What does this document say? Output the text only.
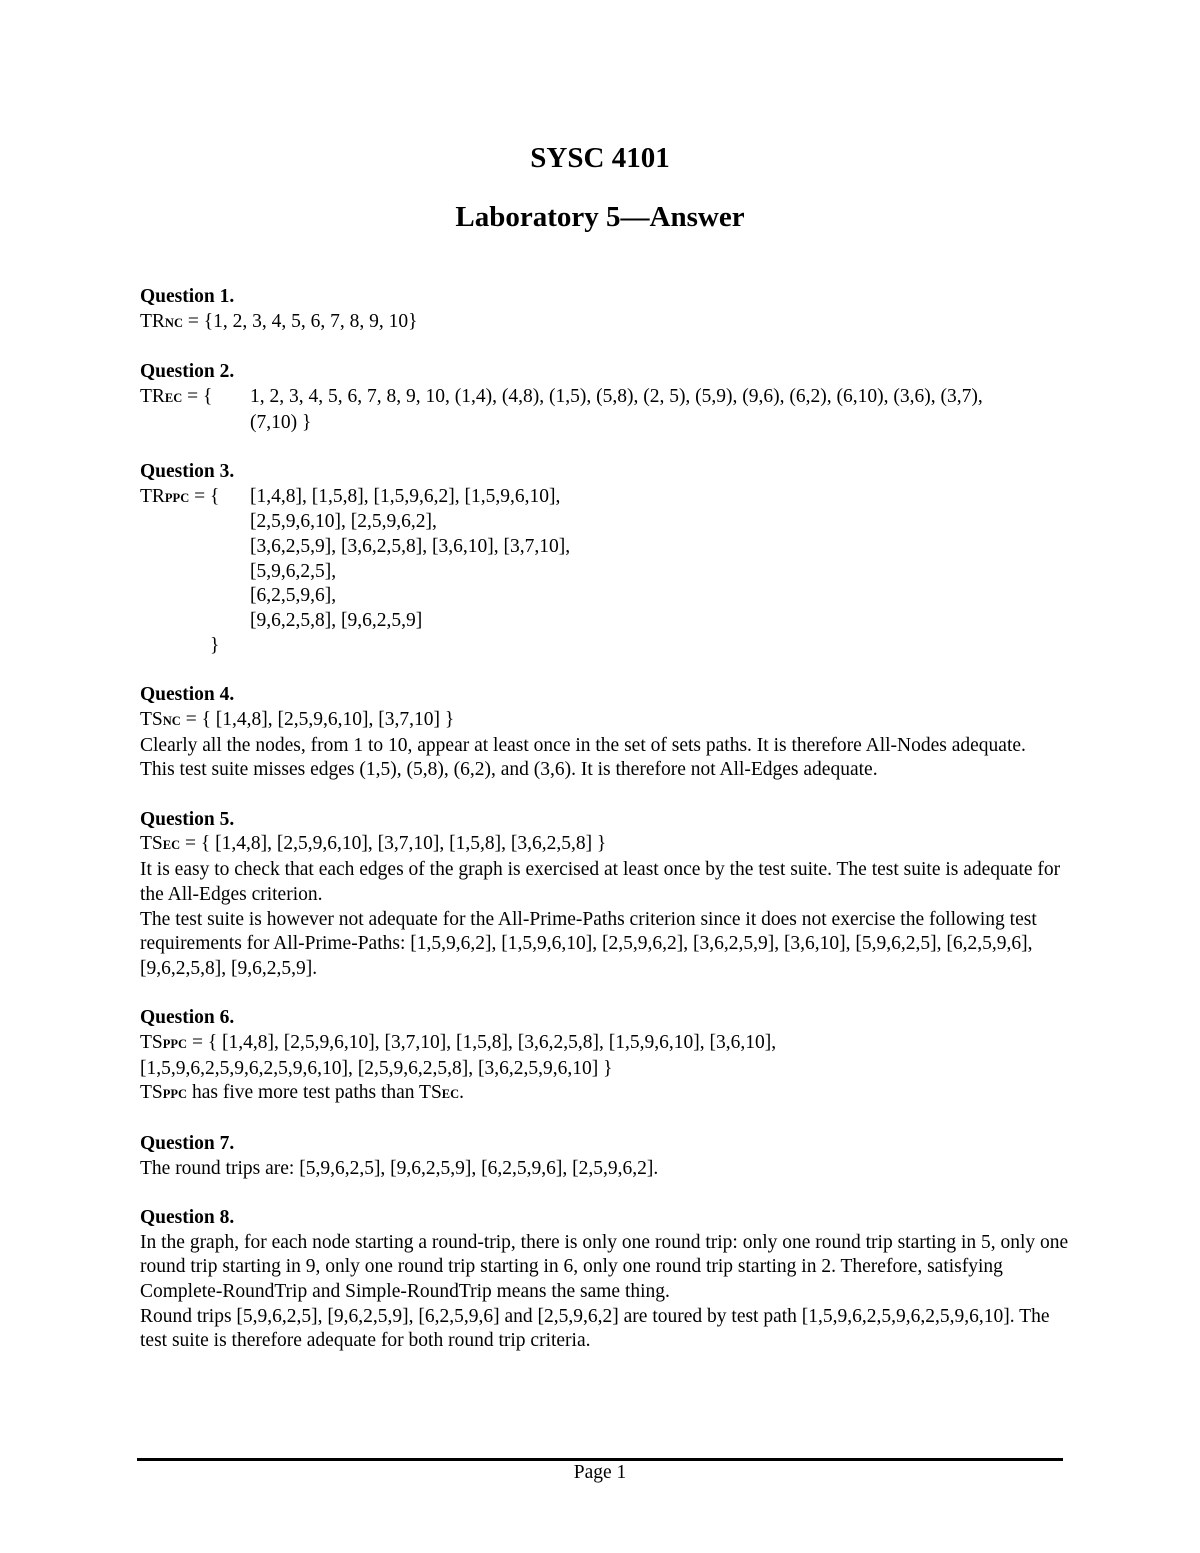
SYSC 4101
Laboratory 5—Answer
Question 1.
TRNC = {1, 2, 3, 4, 5, 6, 7, 8, 9, 10}
Question 2.
TREC = {	1, 2, 3, 4, 5, 6, 7, 8, 9, 10, (1,4), (4,8), (1,5), (5,8), (2, 5), (5,9), (9,6), (6,2), (6,10), (3,6), (3,7),
(7,10) }
Question 3.
TRPPC = {	[1,4,8], [1,5,8], [1,5,9,6,2], [1,5,9,6,10],
[2,5,9,6,10], [2,5,9,6,2],
[3,6,2,5,9], [3,6,2,5,8], [3,6,10], [3,7,10],
[5,9,6,2,5],
[6,2,5,9,6],
[9,6,2,5,8], [9,6,2,5,9]
}
Question 4.
TSNC = { [1,4,8], [2,5,9,6,10], [3,7,10] }
Clearly all the nodes, from 1 to 10, appear at least once in the set of sets paths. It is therefore All-Nodes adequate.
This test suite misses edges (1,5), (5,8), (6,2), and (3,6). It is therefore not All-Edges adequate.
Question 5.
TSEC = { [1,4,8], [2,5,9,6,10], [3,7,10], [1,5,8], [3,6,2,5,8] }
It is easy to check that each edges of the graph is exercised at least once by the test suite. The test suite is adequate for the All-Edges criterion.
The test suite is however not adequate for the All-Prime-Paths criterion since it does not exercise the following test requirements for All-Prime-Paths: [1,5,9,6,2], [1,5,9,6,10], [2,5,9,6,2], [3,6,2,5,9], [3,6,10], [5,9,6,2,5], [6,2,5,9,6], [9,6,2,5,8], [9,6,2,5,9].
Question 6.
TSPPC = { [1,4,8], [2,5,9,6,10], [3,7,10], [1,5,8], [3,6,2,5,8], [1,5,9,6,10], [3,6,10],
[1,5,9,6,2,5,9,6,2,5,9,6,10], [2,5,9,6,2,5,8], [3,6,2,5,9,6,10] }
TSPPC has five more test paths than TSEC.
Question 7.
The round trips are: [5,9,6,2,5], [9,6,2,5,9], [6,2,5,9,6], [2,5,9,6,2].
Question 8.
In the graph, for each node starting a round-trip, there is only one round trip: only one round trip starting in 5, only one round trip starting in 9, only one round trip starting in 6, only one round trip starting in 2. Therefore, satisfying Complete-RoundTrip and Simple-RoundTrip means the same thing.
Round trips [5,9,6,2,5], [9,6,2,5,9], [6,2,5,9,6] and [2,5,9,6,2] are toured by test path [1,5,9,6,2,5,9,6,2,5,9,6,10]. The test suite is therefore adequate for both round trip criteria.
Page 1
